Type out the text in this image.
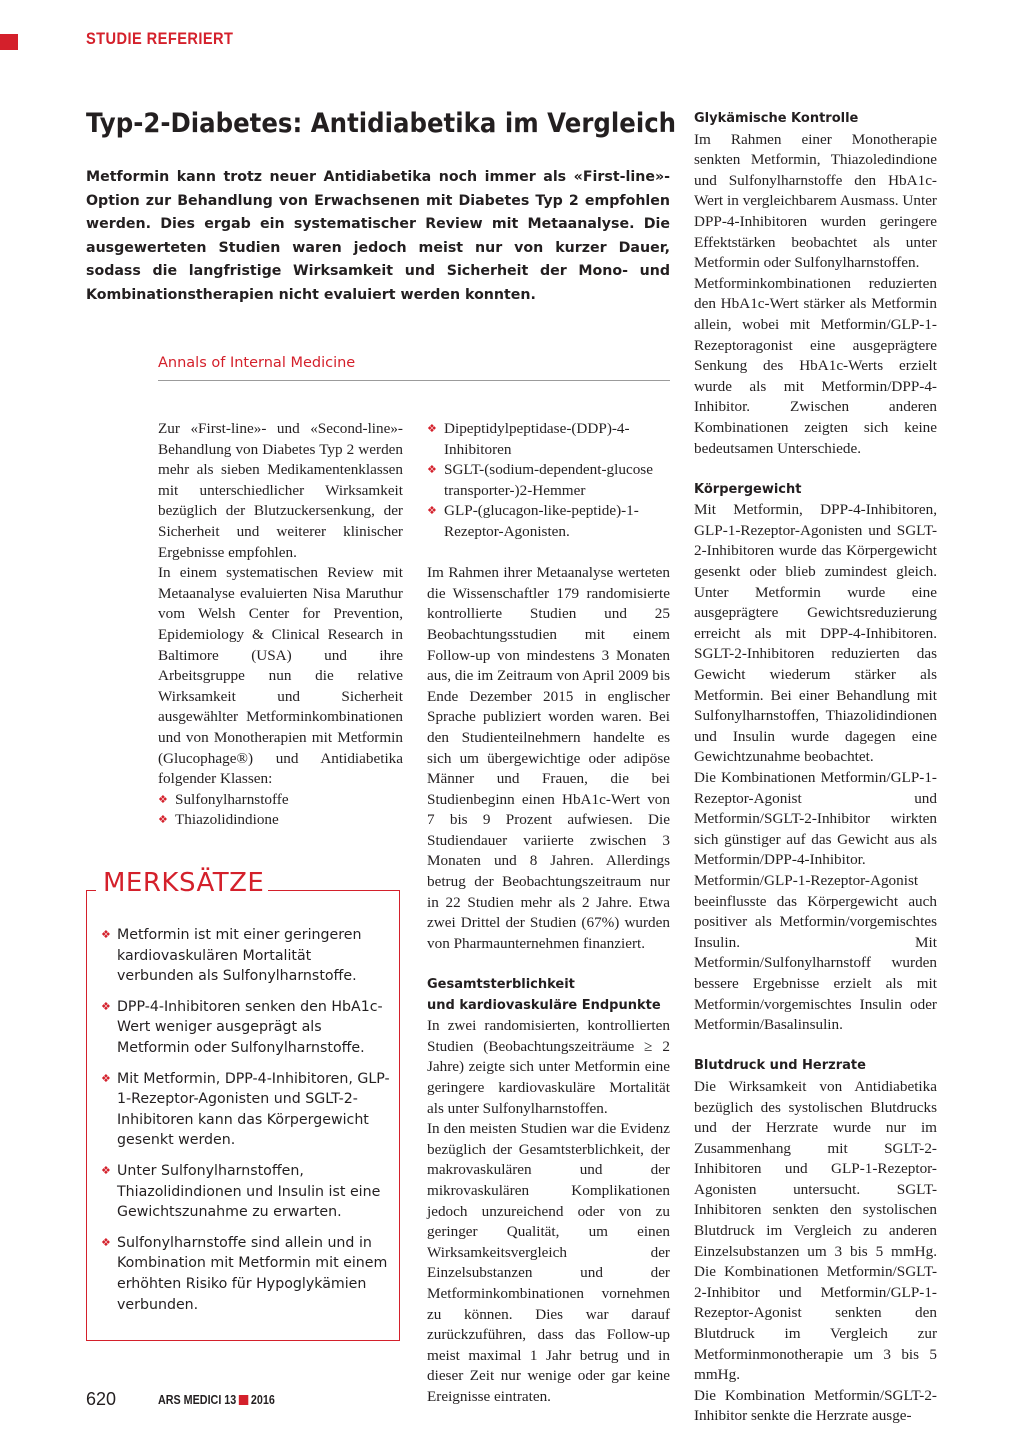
STUDIE REFERIERT
Typ-2-Diabetes: Antidiabetika im Vergleich

Metformin kann trotz neuer Antidiabetika noch immer als «First-line»-Option zur Behandlung von Erwachsenen mit Diabetes Typ 2 empfohlen werden. Dies ergab ein systematischer Review mit Metaanalyse. Die ausgewerteten Studien waren jedoch meist nur von kurzer Dauer, sodass die langfristige Wirksamkeit und Sicherheit der Mono- und Kombinationstherapien nicht evaluiert werden konnten.

Annals of Internal Medicine

Zur «First-line»- und «Second-line»-Behandlung von Diabetes Typ 2 werden mehr als sieben Medikamentenklassen mit unterschiedlicher Wirksamkeit bezüglich der Blutzuckersenkung, der Sicherheit und weiterer klinischer Ergebnisse empfohlen.

In einem systematischen Review mit Metaanalyse evaluierten Nisa Maruthur vom Welsh Center for Prevention, Epidemiology & Clinical Research in Baltimore (USA) und ihre Arbeitsgruppe nun die relative Wirksamkeit und Sicherheit ausgewählter Metforminkombinationen und von Monotherapien mit Metformin (Glucophage®) und Antidiabetika folgender Klassen:

❖ Sulfonylharnstoffe
❖ Thiazolidindione
❖ Dipeptidylpeptidase-(DDP)-4-Inhibitoren
❖ SGLT-(sodium-dependent-glucose transporter-)2-Hemmer
❖ GLP-(glucagon-like-peptide)-1-Rezeptor-Agonisten.

Im Rahmen ihrer Metaanalyse werteten die Wissenschaftler 179 randomisierte kontrollierte Studien und 25 Beobachtungsstudien mit einem Follow-up von mindestens 3 Monaten aus, die im Zeitraum von April 2009 bis Ende Dezember 2015 in englischer Sprache publiziert worden waren. Bei den Studienteilnehmern handelte es sich um übergewichtige oder adipöse Männer und Frauen, die bei Studienbeginn einen HbA1c-Wert von 7 bis 9 Prozent aufwiesen. Die Studiendauer variierte zwischen 3 Monaten und 8 Jahren. Allerdings betrug der Beobachtungszeitraum nur in 22 Studien mehr als 2 Jahre. Etwa zwei Drittel der Studien (67%) wurden von Pharmaunternehmen finanziert.

Gesamtsterblichkeit
und kardiovaskuläre Endpunkte

In zwei randomisierten, kontrollierten Studien (Beobachtungszeiträume ≥ 2 Jahre) zeigte sich unter Metformin eine geringere kardiovaskuläre Mortalität als unter Sulfonylharnstoffen.

In den meisten Studien war die Evidenz bezüglich der Gesamtsterblichkeit, der makrovaskulären und der mikrovaskulären Komplikationen jedoch unzureichend oder von zu geringer Qualität, um einen Wirksamkeitsvergleich der Einzelsubstanzen und der Metforminkombinationen vornehmen zu können. Dies war darauf zurückzuführen, dass das Follow-up meist maximal 1 Jahr betrug und in dieser Zeit nur wenige oder gar keine Ereignisse eintraten.

Glykämische Kontrolle

Im Rahmen einer Monotherapie senkten Metformin, Thiazoledindione und Sulfonylharnstoffe den HbA1c-Wert in vergleichbarem Ausmass. Unter DPP-4-Inhibitoren wurden geringere Effektstärken beobachtet als unter Metformin oder Sulfonylharnstoffen.

Metforminkombinationen reduzierten den HbA1c-Wert stärker als Metformin allein, wobei mit Metformin/GLP-1-Rezeptoragonist eine ausgeprägtere Senkung des HbA1c-Werts erzielt wurde als mit Metformin/DPP-4-Inhibitor. Zwischen anderen Kombinationen zeigten sich keine bedeutsamen Unterschiede.

Körpergewicht

Mit Metformin, DPP-4-Inhibitoren, GLP-1-Rezeptor-Agonisten und SGLT-2-Inhibitoren wurde das Körpergewicht gesenkt oder blieb zumindest gleich. Unter Metformin wurde eine ausgeprägtere Gewichtsreduzierung erreicht als mit DPP-4-Inhibitoren. SGLT-2-Inhibitoren reduzierten das Gewicht wiederum stärker als Metformin. Bei einer Behandlung mit Sulfonylharnstoffen, Thiazolidindionen und Insulin wurde dagegen eine Gewichtzunahme beobachtet.

Die Kombinationen Metformin/GLP-1-Rezeptor-Agonist und Metformin/SGLT-2-Inhibitor wirkten sich günstiger auf das Gewicht aus als Metformin/DPP-4-Inhibitor. Metformin/GLP-1-Rezeptor-Agonist beeinflusste das Körpergewicht auch positiver als Metformin/vorgemischtes Insulin. Mit Metformin/Sulfonylharnstoff wurden bessere Ergebnisse erzielt als mit Metformin/vorgemischtes Insulin oder Metformin/Basalinsulin.

Blutdruck und Herzrate

Die Wirksamkeit von Antidiabetika bezüglich des systolischen Blutdrucks und der Herzrate wurde nur im Zusammenhang mit SGLT-2-Inhibitoren und GLP-1-Rezeptor-Agonisten untersucht. SGLT-Inhibitoren senkten den systolischen Blutdruck im Vergleich zu anderen Einzelsubstanzen um 3 bis 5 mmHg. Die Kombinationen Metformin/SGLT-2-Inhibitor und Metformin/GLP-1-Rezeptor-Agonist senkten den Blutdruck im Vergleich zur Metforminmonotherapie um 3 bis 5 mmHg.

Die Kombination Metformin/SGLT-2-Inhibitor senkte die Herzrate ausge-

MERKSÄTZE
❖ Metformin ist mit einer geringeren kardiovaskulären Mortalität verbunden als Sulfonylharnstoffe.
❖ DPP-4-Inhibitoren senken den HbA1c-Wert weniger ausgeprägt als Metformin oder Sulfonylharnstoffe.
❖ Mit Metformin, DPP-4-Inhibitoren, GLP-1-Rezeptor-Agonisten und SGLT-2-Inhibitoren kann das Körpergewicht gesenkt werden.
❖ Unter Sulfonylharnstoffen, Thiazolidindionen und Insulin ist eine Gewichtszunahme zu erwarten.
❖ Sulfonylharnstoffe sind allein und in Kombination mit Metformin mit einem erhöhten Risiko für Hypoglykämien verbunden.
620	ARS MEDICI 13 2016
